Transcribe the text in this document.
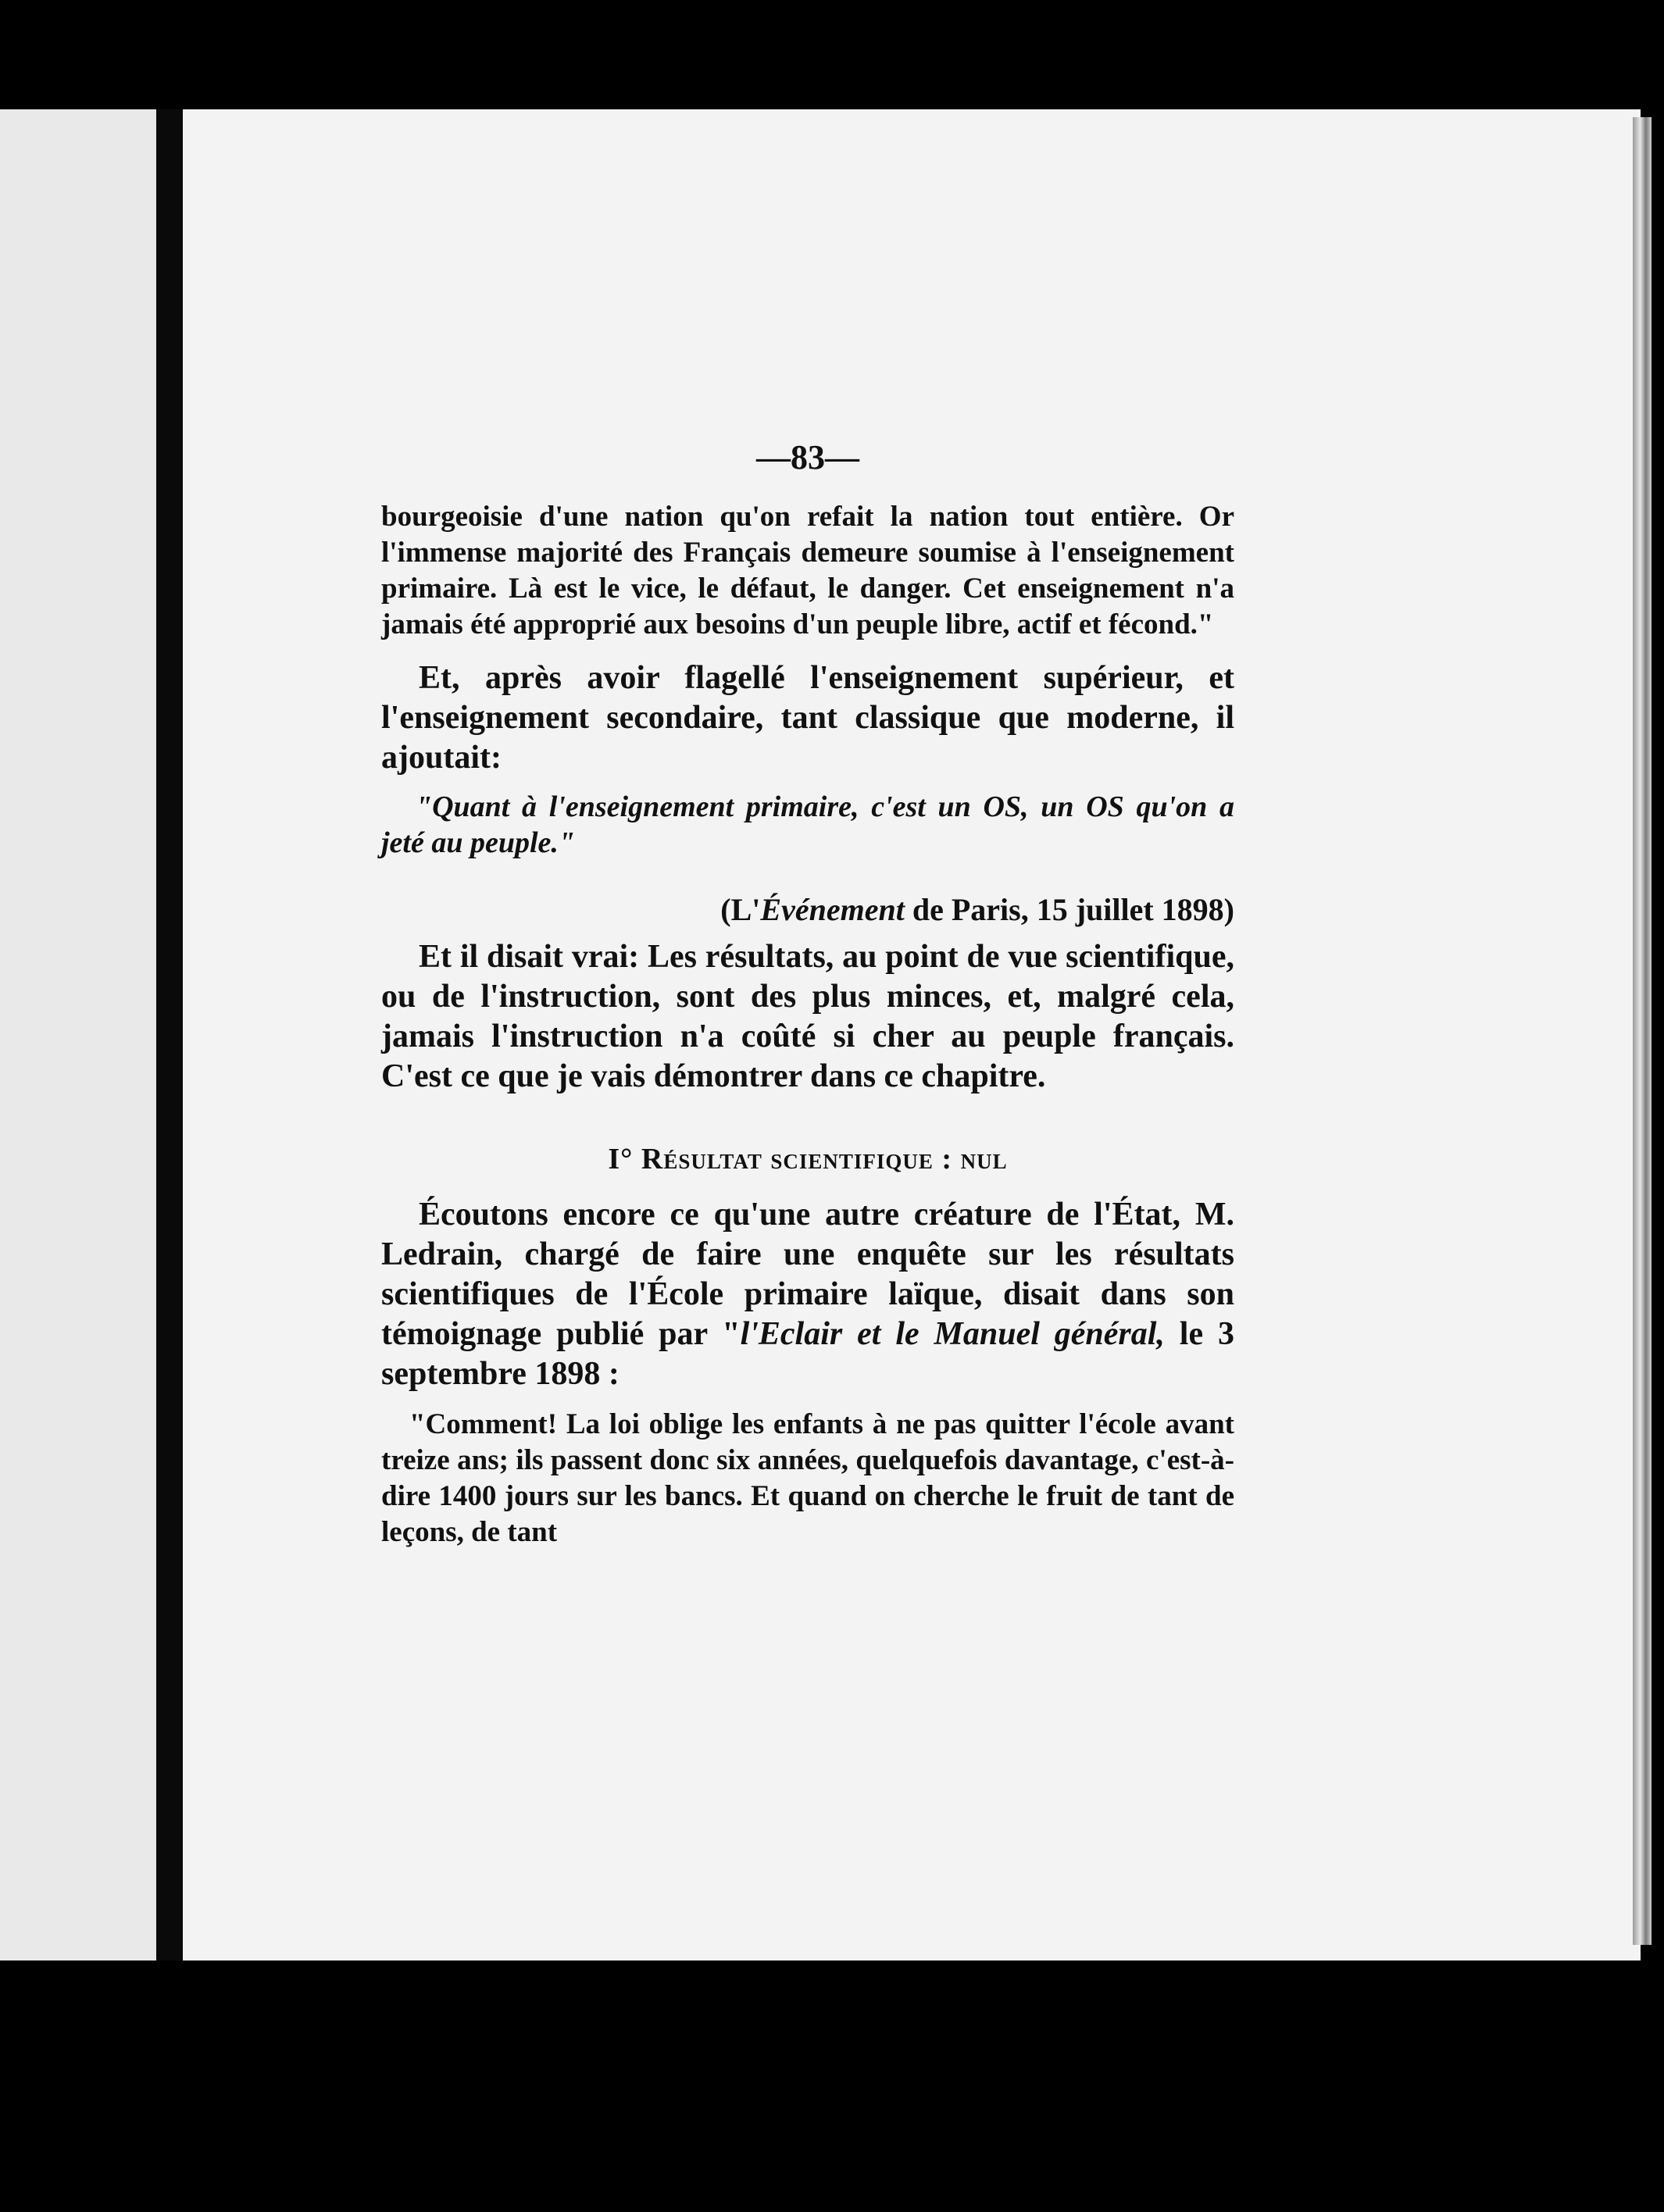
—83—

bourgeoisie d'une nation qu'on refait la nation tout entière. Or l'immense majorité des Français demeure soumise à l'enseignement primaire. Là est le vice, le défaut, le danger. Cet enseignement n'a jamais été approprié aux besoins d'un peuple libre, actif et fécond."

Et, après avoir flagellé l'enseignement supérieur, et l'enseignement secondaire, tant classique que moderne, il ajoutait:

"Quant à l'enseignement primaire, c'est un OS, un OS qu'on a jeté au peuple."

(L'Événement de Paris, 15 juillet 1898)

Et il disait vrai: Les résultats, au point de vue scientifique, ou de l'instruction, sont des plus minces, et, malgré cela, jamais l'instruction n'a coûté si cher au peuple français. C'est ce que je vais démontrer dans ce chapitre.

I° Résultat scientifique : nul

Écoutons encore ce qu'une autre créature de l'État, M. Ledrain, chargé de faire une enquête sur les résultats scientifiques de l'École primaire laïque, disait dans son témoignage publié par "l'Eclair et le Manuel général, le 3 septembre 1898 :

"Comment! La loi oblige les enfants à ne pas quitter l'école avant treize ans; ils passent donc six années, quelquefois davantage, c'est-à-dire 1400 jours sur les bancs. Et quand on cherche le fruit de tant de leçons, de tant
